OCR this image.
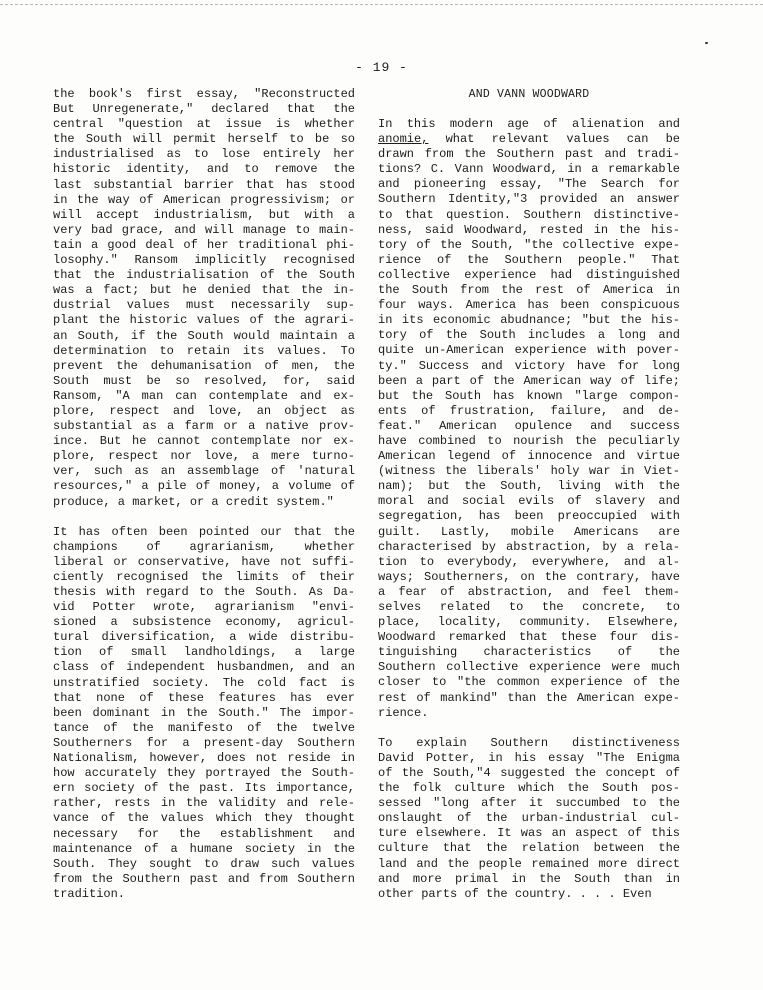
- 19 -
the book's first essay, "Reconstructed
But Unregenerate," declared that the
central "question at issue is whether
the South will permit herself to be so
industrialised as to lose entirely her
historic identity, and to remove the
last substantial barrier that has stood
in the way of American progressivism; or
will accept industrialism, but with a
very bad grace, and will manage to main-
tain a good deal of her traditional phi-
losophy." Ransom implicitly recognised
that the industrialisation of the South
was a fact; but he denied that the in-
dustrial values must necessarily sup-
plant the historic values of the agrari-
an South, if the South would maintain a
determination to retain its values. To
prevent the dehumanisation of men, the
South must be so resolved, for, said
Ransom, "A man can contemplate and ex-
plore, respect and love, an object as
substantial as a farm or a native prov-
ince. But he cannot contemplate nor ex-
plore, respect nor love, a mere turno-
ver, such as an assemblage of 'natural
resources," a pile of money, a volume of
produce, a market, or a credit system."
It has often been pointed our that the
champions of agrarianism, whether
liberal or conservative, have not suffi-
ciently recognised the limits of their
thesis with regard to the South. As Da-
vid Potter wrote, agrarianism "envi-
sioned a subsistence economy, agricul-
tural diversification, a wide distribu-
tion of small landholdings, a large
class of independent husbandmen, and an
unstratified society. The cold fact is
that none of these features has ever
been dominant in the South." The impor-
tance of the manifesto of the twelve
Southerners for a present-day Southern
Nationalism, however, does not reside in
how accurately they portrayed the South-
ern society of the past. Its importance,
rather, rests in the validity and rele-
vance of the values which they thought
necessary for the establishment and
maintenance of a humane society in the
South. They sought to draw such values
from the Southern past and from Southern
tradition.
AND VANN WOODWARD
In this modern age of alienation and
anomie, what relevant values can be
drawn from the Southern past and tradi-
tions? C. Vann Woodward, in a remarkable
and pioneering essay, "The Search for
Southern Identity,"3 provided an answer
to that question. Southern distinctive-
ness, said Woodward, rested in the his-
tory of the South, "the collective expe-
rience of the Southern people." That
collective experience had distinguished
the South from the rest of America in
four ways. America has been conspicuous
in its economic abudnance; "but the his-
tory of the South includes a long and
quite un-American experience with pover-
ty." Success and victory have for long
been a part of the American way of life;
but the South has known "large compon-
ents of frustration, failure, and de-
feat." American opulence and success
have combined to nourish the peculiarly
American legend of innocence and virtue
(witness the liberals' holy war in Viet-
nam); but the South, living with the
moral and social evils of slavery and
segregation, has been preoccupied with
guilt. Lastly, mobile Americans are
characterised by abstraction, by a rela-
tion to everybody, everywhere, and al-
ways; Southerners, on the contrary, have
a fear of abstraction, and feel them-
selves related to the concrete, to
place, locality, community. Elsewhere,
Woodward remarked that these four dis-
tinguishing characteristics of the
Southern collective experience were much
closer to "the common experience of the
rest of mankind" than the American expe-
rience.
To explain Southern distinctiveness
David Potter, in his essay "The Enigma
of the South,"4 suggested the concept of
the folk culture which the South pos-
sessed "long after it succumbed to the
onslaught of the urban-industrial cul-
ture elsewhere. It was an aspect of this
culture that the relation between the
land and the people remained more direct
and more primal in the South than in
other parts of the country. . . . Even
